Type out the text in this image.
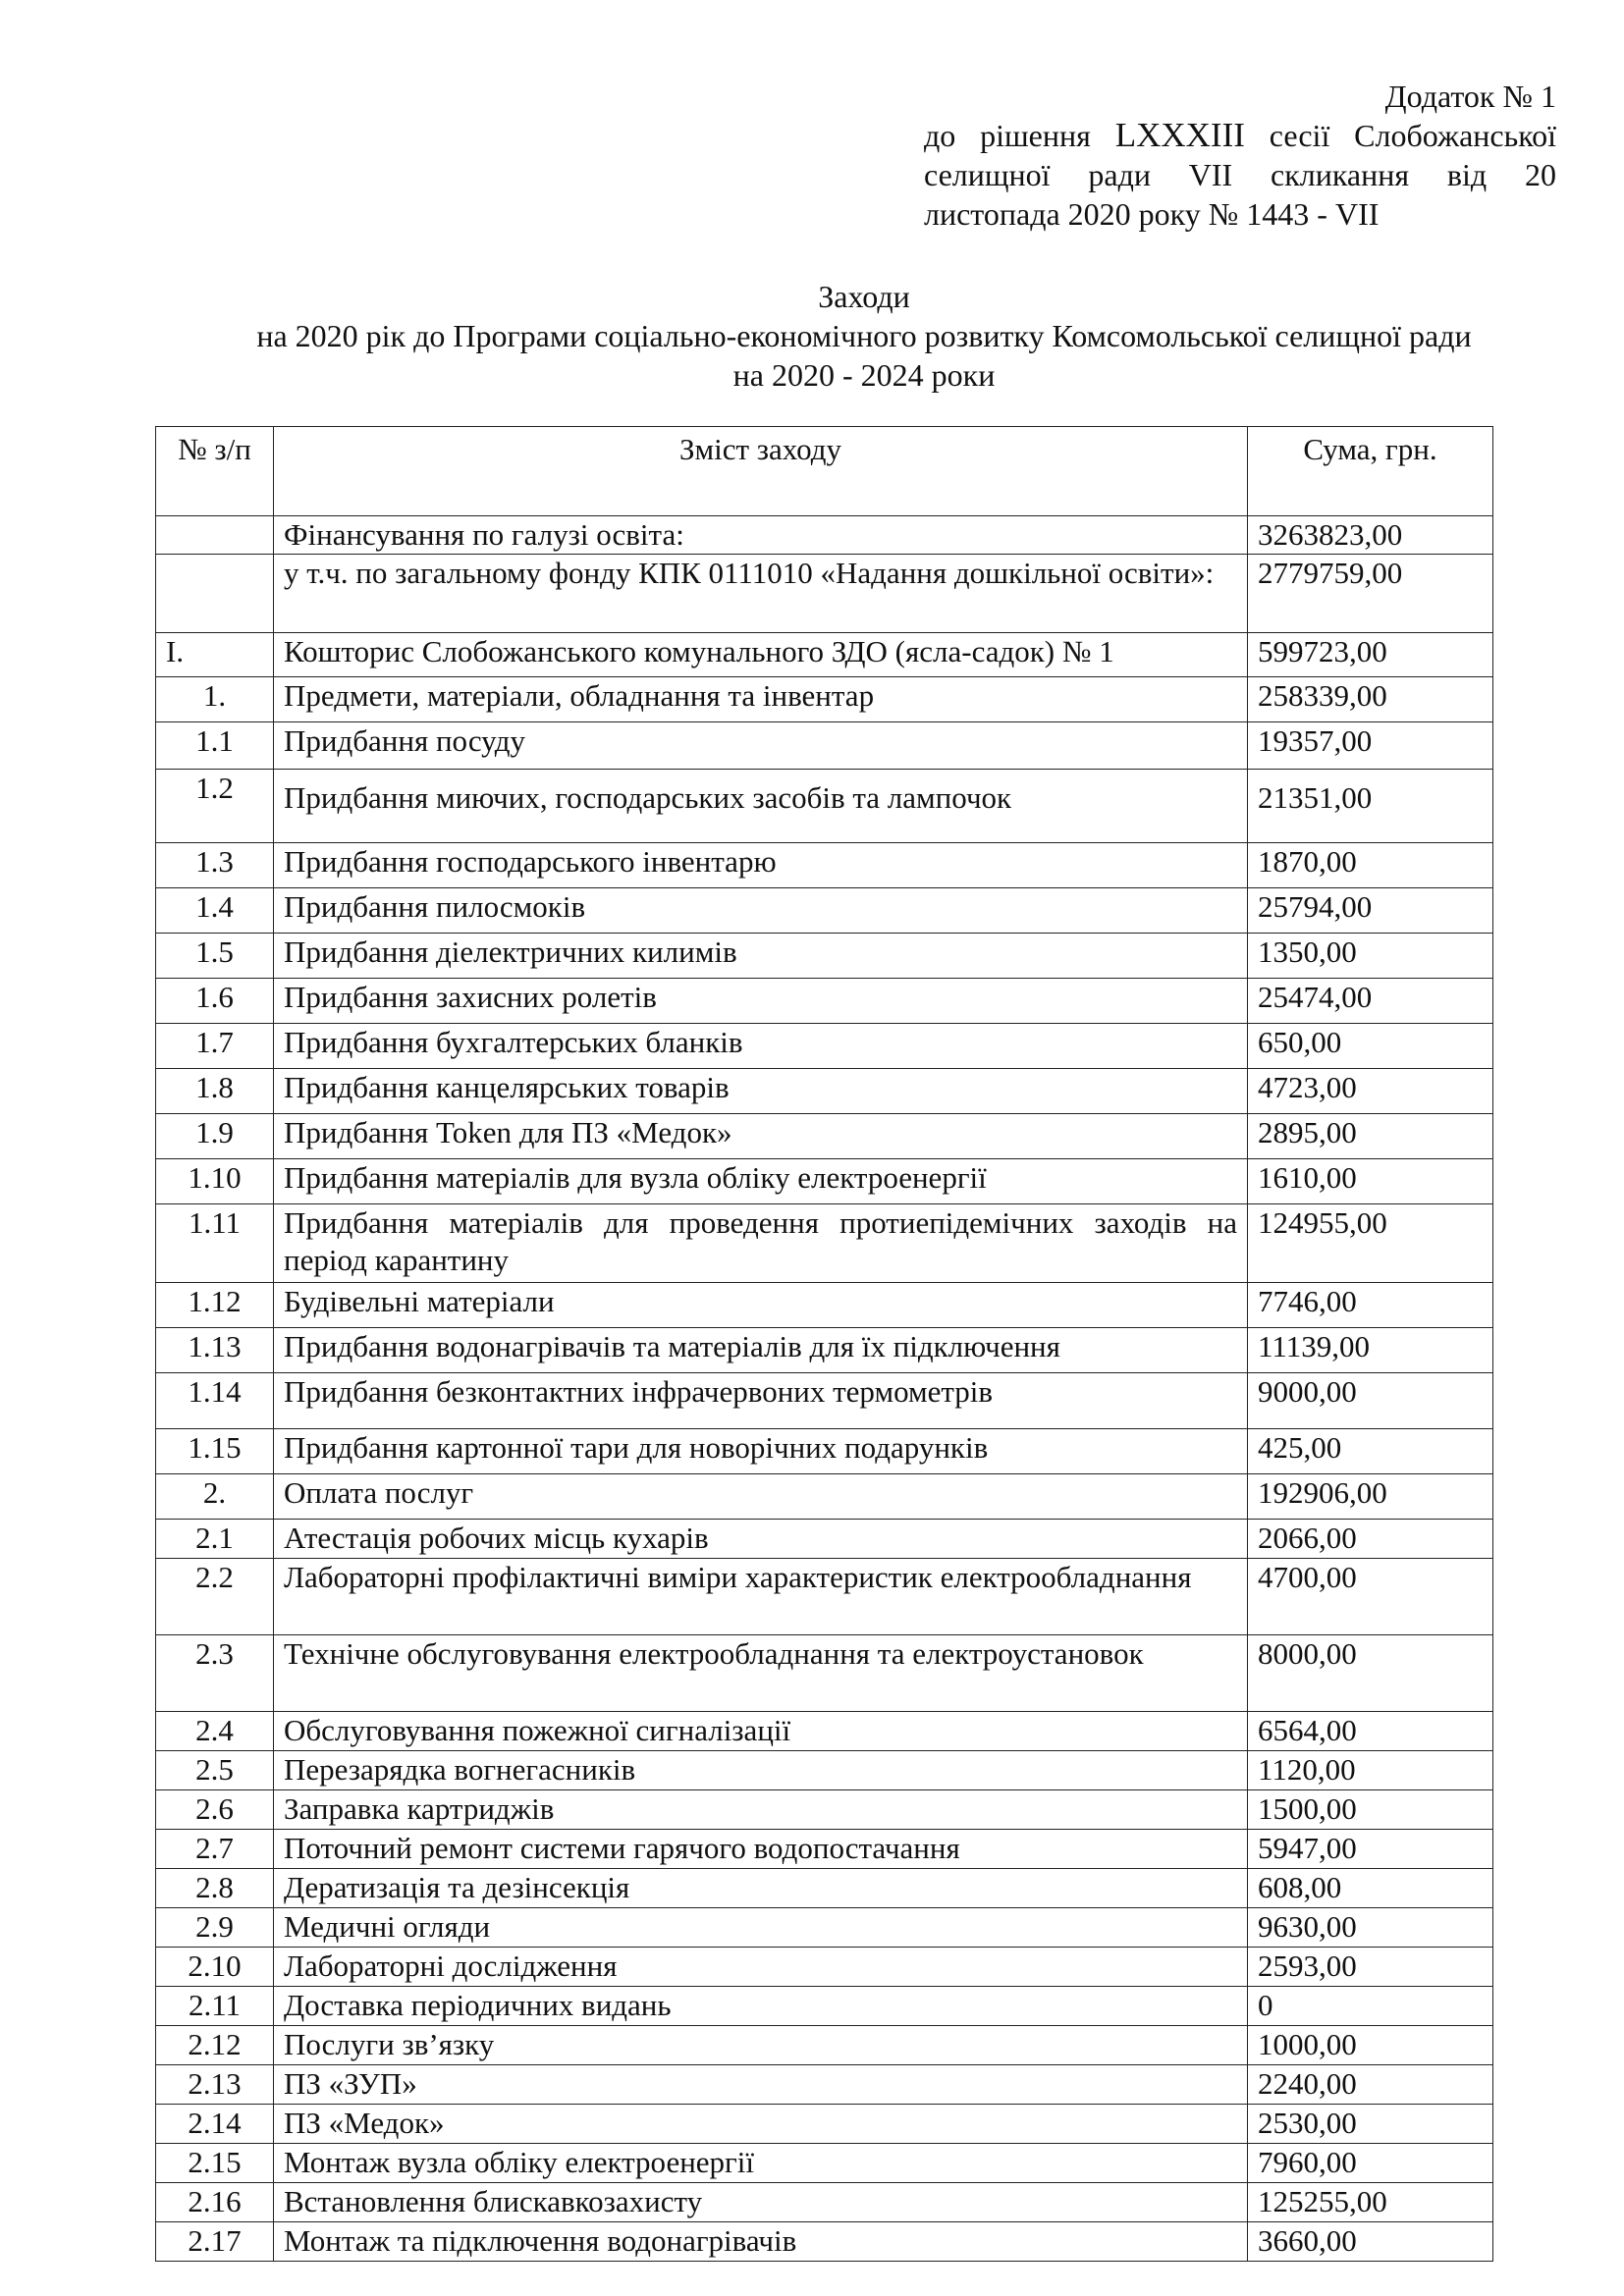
Додаток № 1
до рішення LXXXIII сесії Слобожанської
селищної ради VII скликання від 20
листопада 2020 року № 1443 - VII
Заходи
на 2020 рік до Програми соціально-економічного розвитку Комсомольської селищної ради
на 2020 - 2024 роки
№ з/п	Зміст заходу	Сума, грн.
	Фінансування по галузі освіта:	3263823,00
	у т.ч. по загальному фонду КПК 0111010 «Надання дошкільної освіти»:	2779759,00
I.	Кошторис Слобожанського комунального ЗДО (ясла-садок) № 1	599723,00
1.	Предмети, матеріали, обладнання та інвентар	258339,00
1.1	Придбання посуду	19357,00
1.2	Придбання миючих, господарських засобів та лампочок	21351,00
1.3	Придбання господарського інвентарю	1870,00
1.4	Придбання пилосмоків	25794,00
1.5	Придбання діелектричних килимів	1350,00
1.6	Придбання захисних ролетів	25474,00
1.7	Придбання бухгалтерських бланків	650,00
1.8	Придбання канцелярських товарів	4723,00
1.9	Придбання Token для ПЗ «Медок»	2895,00
1.10	Придбання матеріалів для вузла обліку електроенергії	1610,00
1.11	Придбання матеріалів для проведення протиепідемічних заходів на період карантину	124955,00
1.12	Будівельні матеріали	7746,00
1.13	Придбання водонагрівачів та матеріалів для їх підключення	11139,00
1.14	Придбання безконтактних інфрачервоних термометрів	9000,00
1.15	Придбання картонної тари для новорічних подарунків	425,00
2.	Оплата послуг	192906,00
2.1	Атестація робочих місць кухарів	2066,00
2.2	Лабораторні профілактичні виміри характеристик електрообладнання	4700,00
2.3	Технічне обслуговування електрообладнання та електроустановок	8000,00
2.4	Обслуговування пожежної сигналізації	6564,00
2.5	Перезарядка вогнегасників	1120,00
2.6	Заправка картриджів	1500,00
2.7	Поточний ремонт системи гарячого водопостачання	5947,00
2.8	Дератизація та дезінсекція	608,00
2.9	Медичні огляди	9630,00
2.10	Лабораторні дослідження	2593,00
2.11	Доставка періодичних видань	0
2.12	Послуги зв’язку	1000,00
2.13	ПЗ «ЗУП»	2240,00
2.14	ПЗ «Медок»	2530,00
2.15	Монтаж вузла обліку електроенергії	7960,00
2.16	Встановлення блискавкозахисту	125255,00
2.17	Монтаж та підключення водонагрівачів	3660,00
